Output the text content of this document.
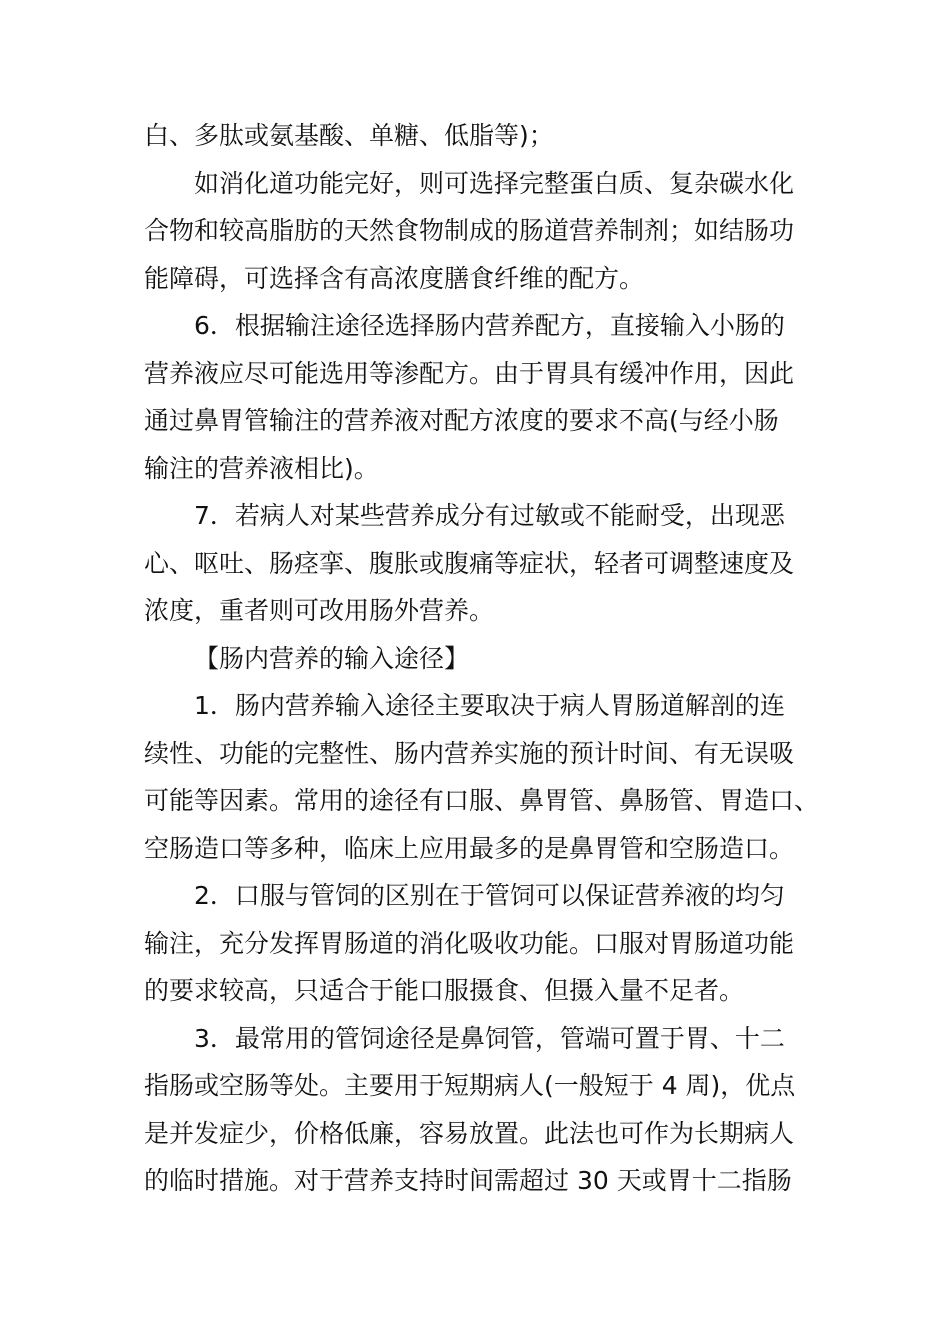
白、多肽或氨基酸、单糖、低脂等)；
如消化道功能完好，则可选择完整蛋白质、复杂碳水化
合物和较高脂肪的天然食物制成的肠道营养制剂；如结肠功
能障碍，可选择含有高浓度膳食纤维的配方。
6．根据输注途径选择肠内营养配方，直接输入小肠的
营养液应尽可能选用等渗配方。由于胃具有缓冲作用，因此
通过鼻胃管输注的营养液对配方浓度的要求不高(与经小肠
输注的营养液相比)。
7．若病人对某些营养成分有过敏或不能耐受，出现恶
心、呕吐、肠痉挛、腹胀或腹痛等症状，轻者可调整速度及
浓度，重者则可改用肠外营养。
【肠内营养的输入途径】
1．肠内营养输入途径主要取决于病人胃肠道解剖的连
续性、功能的完整性、肠内营养实施的预计时间、有无误吸
可能等因素。常用的途径有口服、鼻胃管、鼻肠管、胃造口、
空肠造口等多种，临床上应用最多的是鼻胃管和空肠造口。
2．口服与管饲的区别在于管饲可以保证营养液的均匀
输注，充分发挥胃肠道的消化吸收功能。口服对胃肠道功能
的要求较高，只适合于能口服摄食、但摄入量不足者。
3．最常用的管饲途径是鼻饲管，管端可置于胃、十二
指肠或空肠等处。主要用于短期病人(一般短于 4 周)，优点
是并发症少，价格低廉，容易放置。此法也可作为长期病人
的临时措施。对于营养支持时间需超过 30 天或胃十二指肠
